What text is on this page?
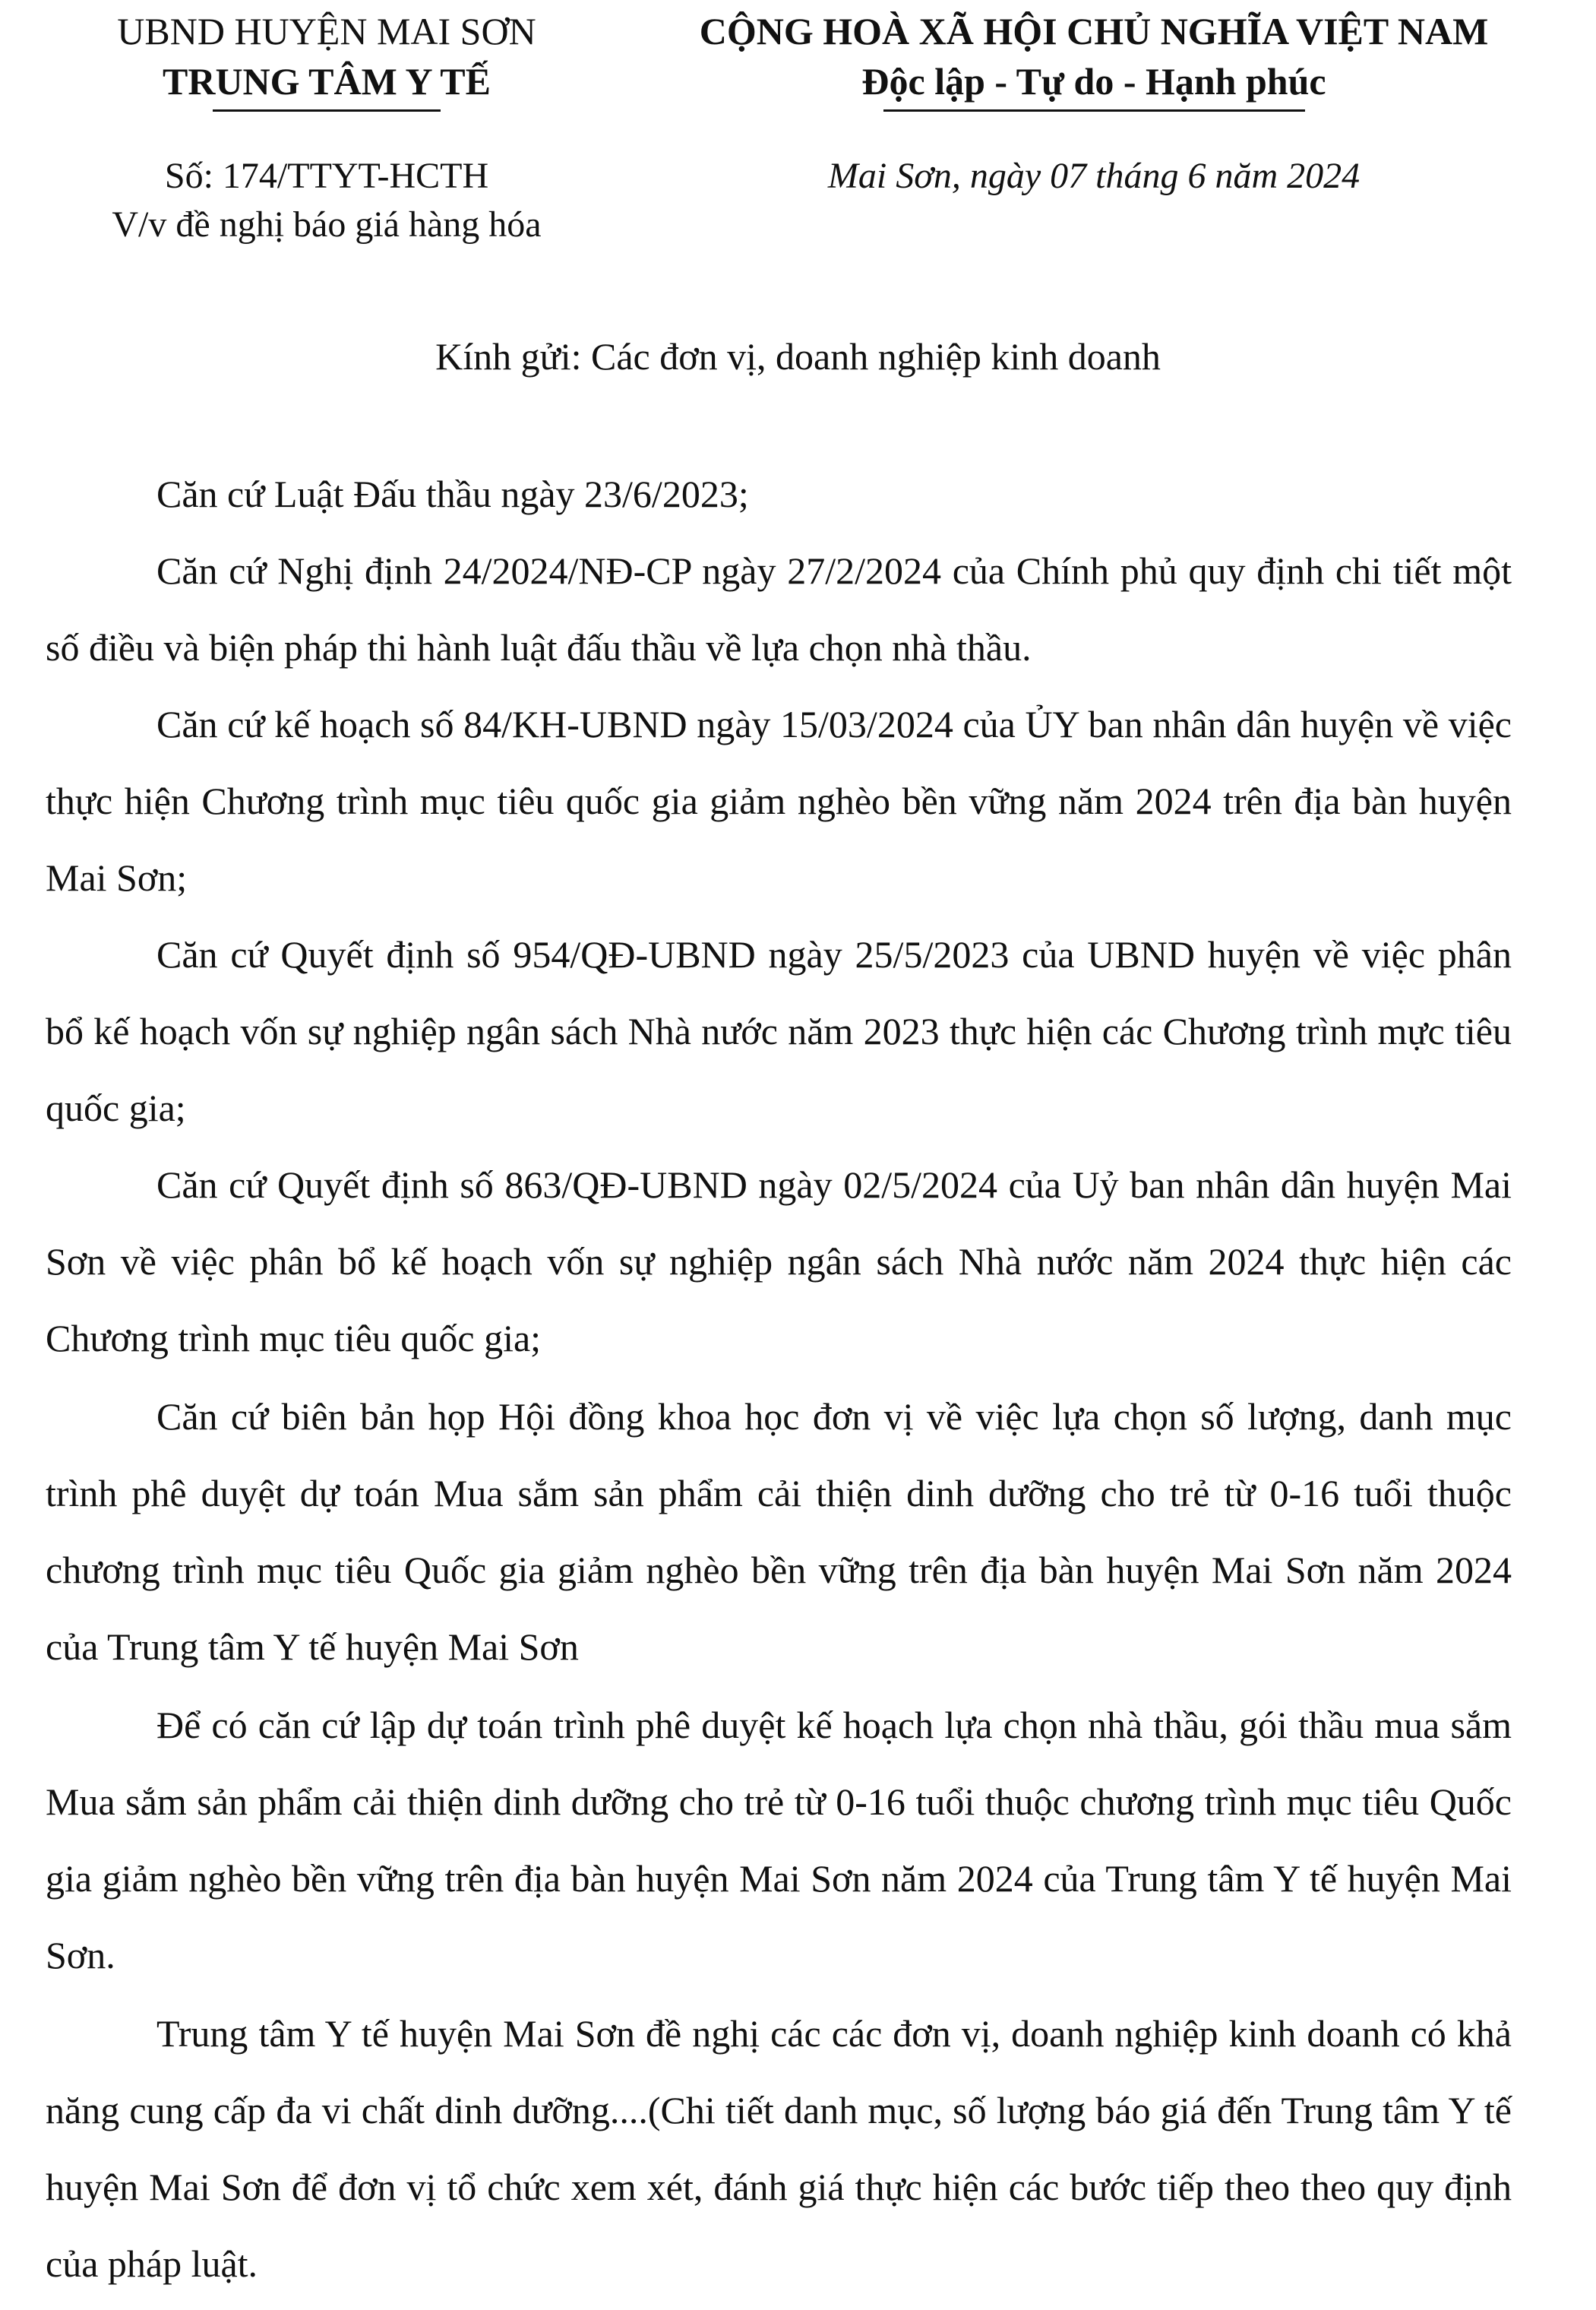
UBND HUYỆN MAI SƠN
TRUNG TÂM Y TẾ
CỘNG HOÀ XÃ HỘI CHỦ NGHĨA VIỆT NAM
Độc lập - Tự do - Hạnh phúc
Số: 174/TTYT-HCTH
V/v đề nghị báo giá hàng hóa
Mai Sơn, ngày 07 tháng 6 năm 2024
Kính gửi: Các đơn vị, doanh nghiệp kinh doanh

Căn cứ Luật Đấu thầu ngày 23/6/2023;

Căn cứ Nghị định 24/2024/NĐ-CP ngày 27/2/2024 của Chính phủ quy định chi tiết một số điều và biện pháp thi hành luật đấu thầu về lựa chọn nhà thầu.

Căn cứ kế hoạch số 84/KH-UBND ngày 15/03/2024 của ỦY ban nhân dân huyện về việc thực hiện Chương trình mục tiêu quốc gia giảm nghèo bền vững năm 2024 trên địa bàn huyện Mai Sơn;

Căn cứ Quyết định số 954/QĐ-UBND ngày 25/5/2023 của UBND huyện về việc phân bổ kế hoạch vốn sự nghiệp ngân sách Nhà nước năm 2023 thực hiện các Chương trình mực tiêu quốc gia;

Căn cứ Quyết định số 863/QĐ-UBND ngày 02/5/2024 của Uỷ ban nhân dân huyện Mai Sơn về việc phân bổ kế hoạch vốn sự nghiệp ngân sách Nhà nước năm 2024 thực hiện các Chương trình mục tiêu quốc gia;

Căn cứ biên bản họp Hội đồng khoa học đơn vị về việc lựa chọn số lượng, danh mục trình phê duyệt dự toán Mua sắm sản phẩm cải thiện dinh dưỡng cho trẻ từ 0-16 tuổi thuộc chương trình mục tiêu Quốc gia giảm nghèo bền vững trên địa bàn huyện Mai Sơn năm 2024 của Trung tâm Y tế huyện Mai Sơn

Để có căn cứ lập dự toán trình phê duyệt kế hoạch lựa chọn nhà thầu, gói thầu mua sắm Mua sắm sản phẩm cải thiện dinh dưỡng cho trẻ từ 0-16 tuổi thuộc chương trình mục tiêu Quốc gia giảm nghèo bền vững trên địa bàn huyện Mai Sơn năm 2024 của Trung tâm Y tế huyện Mai Sơn.

Trung tâm Y tế huyện Mai Sơn đề nghị các các đơn vị, doanh nghiệp kinh doanh có khả năng cung cấp đa vi chất dinh dưỡng....(Chi tiết danh mục, số lượng báo giá đến Trung tâm Y tế huyện Mai Sơn để đơn vị tổ chức xem xét, đánh giá thực hiện các bước tiếp theo theo quy định của pháp luật.
